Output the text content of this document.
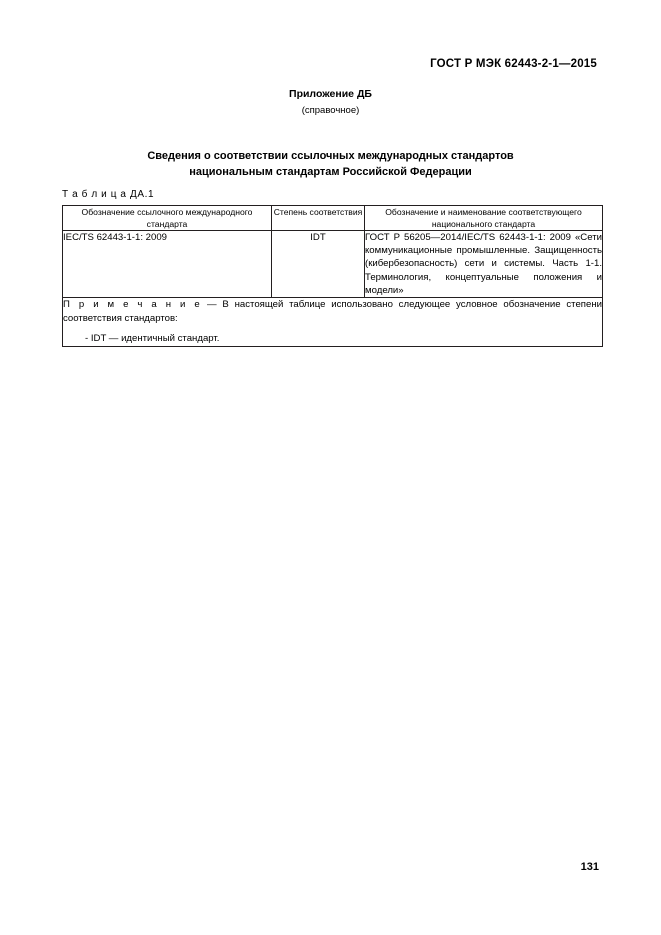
ГОСТ Р МЭК 62443-2-1—2015
Приложение ДБ
(справочное)
Сведения о соответствии ссылочных международных стандартов
национальным стандартам Российской Федерации
Т а б л и ц а ДА.1
Обозначение ссылочного международного стандарта	Степень соответствия	Обозначение и наименование соответствующего национального стандарта
IEC/TS 62443-1-1: 2009	IDT	ГОСТ Р 56205—2014/IEC/TS 62443-1-1: 2009 «Сети коммуникационные промышленные. Защищенность (кибербезопасность) сети и системы. Часть 1-1. Терминология, концептуальные положения и модели»
П р и м е ч а н и е — В настоящей таблице использовано следующее условное обозначение степени соответствия стандартов:
- IDT — идентичный стандарт.		
131
